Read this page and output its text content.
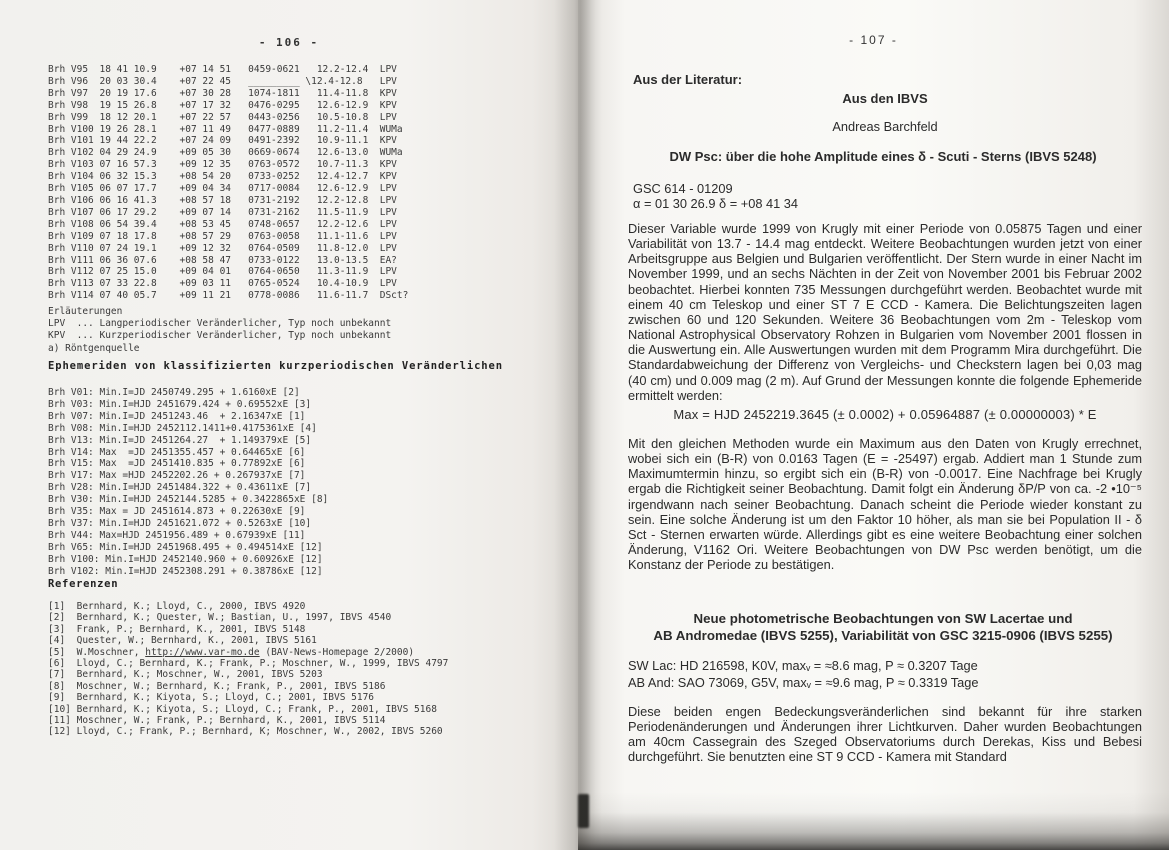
- 106 -
Brh V95  18 41 10.9    +07 14 51   0459-0621   12.2-12.4  LPV
Brh V96  20 03 30.4    +07 22 45   _________ \12.4-12.8   LPV
Brh V97  20 19 17.6    +07 30 28   1074-1811   11.4-11.8  KPV
Brh V98  19 15 26.8    +07 17 32   0476-0295   12.6-12.9  KPV
Brh V99  18 12 20.1    +07 22 57   0443-0256   10.5-10.8  LPV
Brh V100 19 26 28.1    +07 11 49   0477-0889   11.2-11.4  WUMa
Brh V101 19 44 22.2    +07 24 09   0491-2392   10.9-11.1  KPV
Brh V102 04 29 24.9    +09 05 30   0669-0674   12.6-13.0  WUMa
Brh V103 07 16 57.3    +09 12 35   0763-0572   10.7-11.3  KPV
Brh V104 06 32 15.3    +08 54 20   0733-0252   12.4-12.7  KPV
Brh V105 06 07 17.7    +09 04 34   0717-0084   12.6-12.9  LPV
Brh V106 06 16 41.3    +08 57 18   0731-2192   12.2-12.8  LPV
Brh V107 06 17 29.2    +09 07 14   0731-2162   11.5-11.9  LPV
Brh V108 06 54 39.4    +08 53 45   0748-0657   12.2-12.6  LPV
Brh V109 07 18 17.8    +08 57 29   0763-0058   11.1-11.6  LPV
Brh V110 07 24 19.1    +09 12 32   0764-0509   11.8-12.0  LPV
Brh V111 06 36 07.6    +08 58 47   0733-0122   13.0-13.5  EA?
Brh V112 07 25 15.0    +09 04 01   0764-0650   11.3-11.9  LPV
Brh V113 07 33 22.8    +09 03 11   0765-0524   10.4-10.9  LPV
Brh V114 07 40 05.7    +09 11 21   0778-0086   11.6-11.7  DSct?
Erläuterungen
LPV  ... Langperiodischer Veränderlicher, Typ noch unbekannt
KPV  ... Kurzperiodischer Veränderlicher, Typ noch unbekannt
a) Röntgenquelle
Ephemeriden von klassifizierten kurzperiodischen Veränderlichen
Brh V01: Min.I=JD 2450749.295 + 1.6160xE [2]
Brh V03: Min.I=HJD 2451679.424 + 0.69552xE [3]
Brh V07: Min.I=JD 2451243.46  + 2.16347xE [1]
Brh V08: Min.I=HJD 2452112.1411+0.4175361xE [4]
Brh V13: Min.I=JD 2451264.27  + 1.149379xE [5]
Brh V14: Max  =JD 2451355.457 + 0.64465xE [6]
Brh V15: Max  =JD 2451410.835 + 0.77892xE [6]
Brh V17: Max =HJD 2452202.26 + 0.267937xE [7]
Brh V28: Min.I=HJD 2451484.322 + 0.43611xE [7]
Brh V30: Min.I=HJD 2452144.5285 + 0.3422865xE [8]
Brh V35: Max = JD 2451614.873 + 0.22630xE [9]
Brh V37: Min.I=HJD 2451621.072 + 0.5263xE [10]
Brh V44: Max=HJD 2451956.489 + 0.67939xE [11]
Brh V65: Min.I=HJD 2451968.495 + 0.494514xE [12]
Brh V100: Min.I=HJD 2452140.960 + 0.60926xE [12]
Brh V102: Min.I=HJD 2452308.291 + 0.38786xE [12]
Referenzen
[1]  Bernhard, K.; Lloyd, C., 2000, IBVS 4920
[2]  Bernhard, K.; Quester, W.; Bastian, U., 1997, IBVS 4540
[3]  Frank, P.; Bernhard, K., 2001, IBVS 5148
[4]  Quester, W.; Bernhard, K., 2001, IBVS 5161
[5]  W.Moschner, http://www.var-mo.de (BAV-News-Homepage 2/2000)
[6]  Lloyd, C.; Bernhard, K.; Frank, P.; Moschner, W., 1999, IBVS 4797
[7]  Bernhard, K.; Moschner, W., 2001, IBVS 5203
[8]  Moschner, W.; Bernhard, K.; Frank, P., 2001, IBVS 5186
[9]  Bernhard, K.; Kiyota, S.; Lloyd, C.; 2001, IBVS 5176
[10] Bernhard, K.; Kiyota, S.; Lloyd, C.; Frank, P., 2001, IBVS 5168
[11] Moschner, W.; Frank, P.; Bernhard, K., 2001, IBVS 5114
[12] Lloyd, C.; Frank, P.; Bernhard, K; Moschner, W., 2002, IBVS 5260
- 107 -
Aus der Literatur:
Aus den IBVS
Andreas Barchfeld
DW Psc: über die hohe Amplitude eines δ - Scuti - Sterns (IBVS 5248)
GSC 614 - 01209
α = 01 30 26.9 δ = +08 41 34
Dieser Variable wurde 1999 von Krugly mit einer Periode von 0.05875 Tagen und einer Variabilität von 13.7 - 14.4 mag entdeckt. Weitere Beobachtungen wurden jetzt von einer Arbeitsgruppe aus Belgien und Bulgarien veröffentlicht. Der Stern wurde in einer Nacht im November 1999, und an sechs Nächten in der Zeit von November 2001 bis Februar 2002 beobachtet. Hierbei konnten 735 Messungen durchgeführt werden. Beobachtet wurde mit einem 40 cm Teleskop und einer ST 7 E CCD - Kamera. Die Belichtungszeiten lagen zwischen 60 und 120 Sekunden. Weitere 36 Beobachtungen vom 2m - Teleskop vom National Astrophysical Observatory Rohzen in Bulgarien vom November 2001 flossen in die Auswertung ein. Alle Auswertungen wurden mit dem Programm Mira durchgeführt. Die Standardabweichung der Differenz von Vergleichs- und Checkstern lagen bei 0,03 mag (40 cm) und 0.009 mag (2 m). Auf Grund der Messungen konnte die folgende Ephemeride ermittelt werden:
Max = HJD 2452219.3645 (± 0.0002) + 0.05964887 (± 0.00000003) * E
Mit den gleichen Methoden wurde ein Maximum aus den Daten von Krugly errechnet, wobei sich ein (B-R) von 0.0163 Tagen (E = -25497) ergab. Addiert man 1 Stunde zum Maximumtermin hinzu, so ergibt sich ein (B-R) von -0.0017. Eine Nachfrage bei Krugly ergab die Richtigkeit seiner Beobachtung. Damit folgt ein Änderung δP/P von ca. -2 •10⁻⁵ irgendwann nach seiner Beobachtung. Danach scheint die Periode wieder konstant zu sein. Eine solche Änderung ist um den Faktor 10 höher, als man sie bei Population II - δ Sct - Sternen erwarten würde. Allerdings gibt es eine weitere Beobachtung einer solchen Änderung, V1162 Ori. Weitere Beobachtungen von DW Psc werden benötigt, um die Konstanz der Periode zu bestätigen.
Neue photometrische Beobachtungen von SW Lacertae und
AB Andromedae (IBVS 5255), Variabilität von GSC 3215-0906 (IBVS 5255)
SW Lac: HD 216598, K0V, maxᵥ = ≈8.6 mag, P ≈ 0.3207 Tage
AB And: SAO 73069, G5V, maxᵥ = ≈9.6 mag, P ≈ 0.3319 Tage
Diese beiden engen Bedeckungsveränderlichen sind bekannt für ihre starken Periodenänderungen und Änderungen ihrer Lichtkurven. Daher wurden Beobachtungen am 40cm Cassegrain des Szeged Observatoriums durch Derekas, Kiss und Bebesi durchgeführt. Sie benutzten eine ST 9 CCD - Kamera mit Standard
